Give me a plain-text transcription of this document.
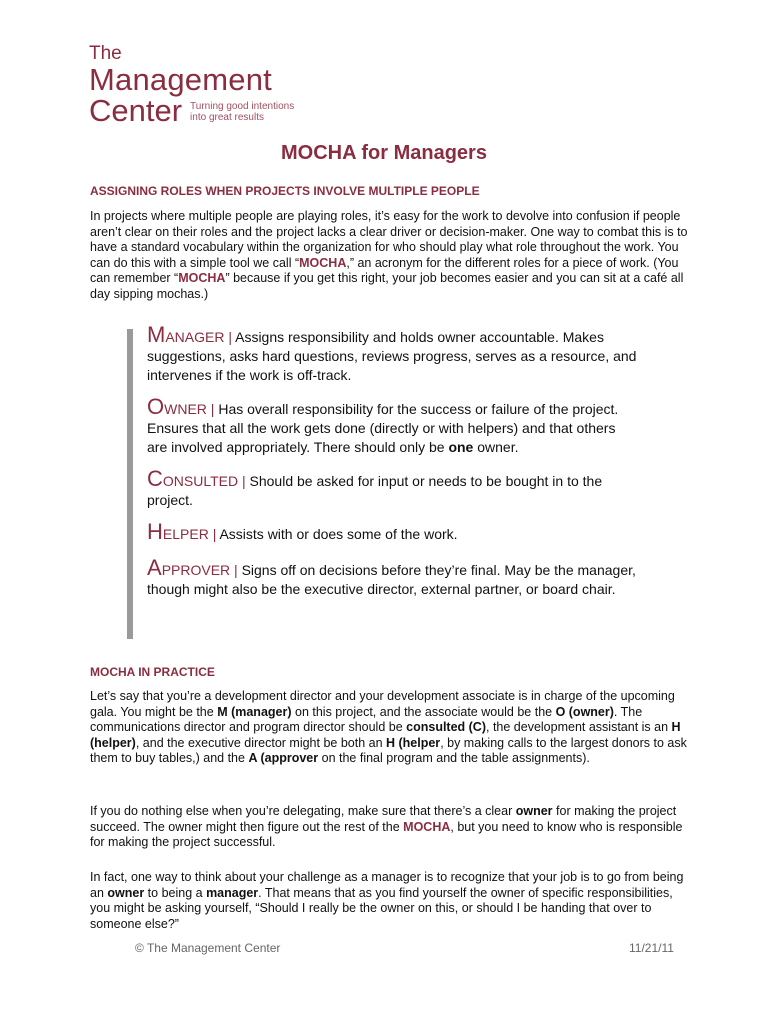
The
Management
Center Turning good intentions
into great results
MOCHA for Managers
ASSIGNING ROLES WHEN PROJECTS INVOLVE MULTIPLE PEOPLE
In projects where multiple people are playing roles, it’s easy for the work to devolve into confusion if people aren’t clear on their roles and the project lacks a clear driver or decision-maker. One way to combat this is to have a standard vocabulary within the organization for who should play what role throughout the work. You can do this with a simple tool we call “MOCHA,” an acronym for the different roles for a piece of work. (You can remember “MOCHA” because if you get this right, your job becomes easier and you can sit at a café all day sipping mochas.)
MANAGER | Assigns responsibility and holds owner accountable. Makes suggestions, asks hard questions, reviews progress, serves as a resource, and intervenes if the work is off-track.
OWNER | Has overall responsibility for the success or failure of the project. Ensures that all the work gets done (directly or with helpers) and that others are involved appropriately. There should only be one owner.
CONSULTED | Should be asked for input or needs to be bought in to the project.
HELPER | Assists with or does some of the work.
APPROVER | Signs off on decisions before they’re final. May be the manager, though might also be the executive director, external partner, or board chair.
MOCHA IN PRACTICE
Let’s say that you’re a development director and your development associate is in charge of the upcoming gala. You might be the M (manager) on this project, and the associate would be the O (owner). The communications director and program director should be consulted (C), the development assistant is an H (helper), and the executive director might be both an H (helper, by making calls to the largest donors to ask them to buy tables,) and the A (approver on the final program and the table assignments).
If you do nothing else when you’re delegating, make sure that there’s a clear owner for making the project succeed. The owner might then figure out the rest of the MOCHA, but you need to know who is responsible for making the project successful.
In fact, one way to think about your challenge as a manager is to recognize that your job is to go from being an owner to being a manager. That means that as you find yourself the owner of specific responsibilities, you might be asking yourself, “Should I really be the owner on this, or should I be handing that over to someone else?”
© The Management Center	11/21/11
